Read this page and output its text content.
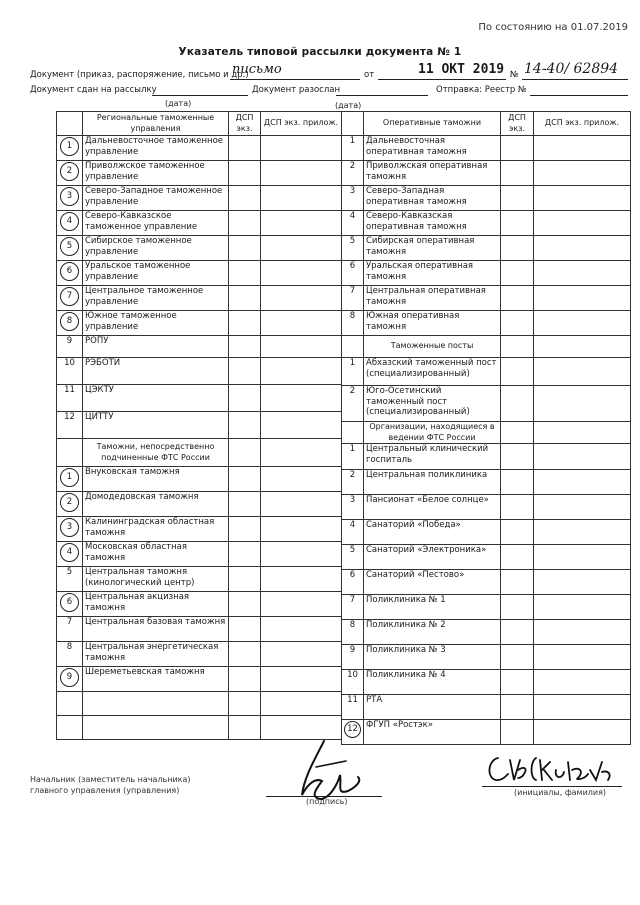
По состоянию на 01.07.2019
Указатель типовой рассылки документа № 1
Документ (приказ, распоряжение, письмо и др.)
письмо	от	11 ОКТ 2019 № 14-40/ 62894
Документ сдан на рассылку	Документ разослан	Отправка: Реестр №
(дата)	(дата)
	Региональные таможенные управления	ДСП экз.	ДСП экз. прилож.
1	Дальневосточное таможенное управление		
2	Приволжское таможенное управление		
3	Северо-Западное таможенное управление		
4	Северо-Кавказское таможенное управление		
5	Сибирское таможенное управление		
6	Уральское таможенное управление		
7	Центральное таможенное управление		
8	Южное таможенное управление		
9	РОПУ		
10	РЭБОТИ		
11	ЦЭКТУ		
12	ЦИТТУ		
	Таможни, непосредственно подчиненные ФТС России		
1	Внуковская таможня		
2	Домодедовская таможня		
3	Калининградская областная таможня		
4	Московская областная таможня		
5	Центральная таможня (кинологический центр)		
6	Центральная акцизная таможня		
7	Центральная базовая таможня		
8	Центральная энергетическая таможня		
9	Шереметьевская таможня		

	Оперативные таможни	ДСП экз.	ДСП экз. прилож.
1	Дальневосточная оперативная таможня		
2	Приволжская оперативная таможня		
3	Северо-Западная оперативная таможня		
4	Северо-Кавказская оперативная таможня		
5	Сибирская оперативная таможня		
6	Уральская оперативная таможня		
7	Центральная оперативная таможня		
8	Южная оперативная таможня		
	Таможенные посты		
1	Абхазский таможенный пост (специализированный)		
2	Юго-Осетинский таможенный пост (специализированный)		
	Организации, находящиеся в ведении ФТС России		
1	Центральный клинический госпиталь		
2	Центральная поликлиника		
3	Пансионат «Белое солнце»		
4	Санаторий «Победа»		
5	Санаторий «Электроника»		
6	Санаторий «Пестово»		
7	Поликлиника № 1		
8	Поликлиника № 2		
9	Поликлиника № 3		
10	Поликлиника № 4		
11	РТА		
12	ФГУП «Ростэк»		
Начальник (заместитель начальника) главного управления (управления)
(подпись)
(инициалы, фамилия)
